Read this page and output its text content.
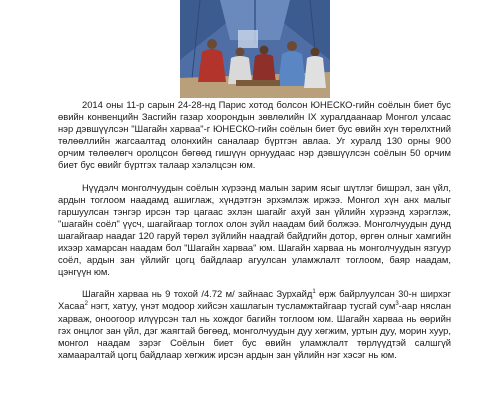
2014 оны 11-р сарын 24-28-нд Парис хотод болсон ЮНЕСКО-гийн соёлын биет бус өвийн конвенцийн Засгийн газар хоорондын зөвлөлийн IX хуралдаанаар Монгол улсаас нэр дэвшүүлсэн "Шагайн харваа"-г ЮНЕСКО-гийн соёлын биет бус өвийн хүн төрөлхтний төлөөллийн жагсаалтад олонхийн саналаар бүртгэн авлаа. Уг хуралд 130 орны 900 орчим төлөөлөгч оролцсон бөгөөд гишүүн орнуудаас нэр дэвшүүлсэн соёлын 50 орчим биет бус өвийг бүртгэх талаар хэлэлцсэн юм.

Нүүдэлч монголчуудын соёлын хүрээнд малын зарим ясыг шүтлэг бишрэл, зан үйл, ардын тоглоом наадамд ашиглаж, хүндэтгэн эрхэмлэж иржээ. Монгол хүн анх малыг гаршуулсан тэнгэр ирсэн тэр цагаас эхлэн шагайг ахуй зан үйлийн хүрээнд хэрэглэж, "шагайн соёл" үүсч, шагайгаар тоглох олон зүйл наадам бий болжээ. Монголчуудын дунд шагайгаар наадаг 120 гаруй төрөл зүйлийн наадгай байдгийн дотор, өргөн олныг хамгийн ихээр хамарсан наадам бол "Шагайн харваа" юм. Шагайн харваа нь монголчуудын язгуур соёл, ардын зан үйлийг цогц байдлаар агуулсан уламжлалт тоглоом, баяр наадам, цэнгүүн юм.

Шагайн харваа нь 9 тохой /4.72 м/ зайнаас Зурхайд$^1$ өрж байрлуулсан 30-н ширхэг Хасаа$^2$ нэгт, хатуу, үнэт модоор хийсэн хашлагын тусламжтайгаар тусгай сум$^3$-аар няслан харваж, оноогоор илүүрсэн тал нь хождог багийн тоглоом юм. Шагайн харваа нь өөрийн гэх онцлог зан үйл, дэг жаягтай бөгөөд, монголчуудын дуу хөгжим, уртын дуу, морин хуур, монгол наадам зэрэг Соёлын биет бус өвийн уламжлалт төрлүүдтэй салшгүй хамааралтай цогц байдлаар хөгжиж ирсэн ардын зан үйлийн нэг хэсэг нь юм.
